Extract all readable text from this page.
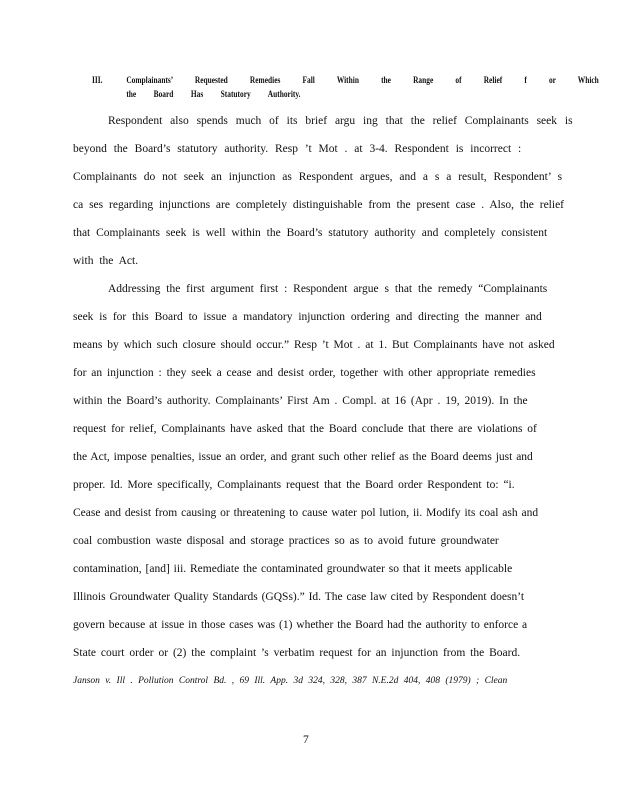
III.	Complainants’ Requested Remedies Fall Within the Range of Relief f or Which
the Board Has Statutory Authority.
Respondent also spends much of its brief argu ing that the relief Complainants seek is
beyond the Board’s statutory authority. Resp ’t Mot . at 3-4. Respondent is incorrect :
Complainants do not seek an injunction as Respondent argues, and a s a result, Respondent’ s
ca ses regarding injunctions are completely distinguishable from the present case . Also, the relief
that Complainants seek is well within the Board’s statutory authority and completely consistent
with the Act.
Addressing the first argument first : Respondent argue s that the remedy “Complainants
seek is for this Board to issue a mandatory injunction ordering and directing the manner and
means by which such closure should occur.” Resp ’t Mot . at 1. But Complainants have not asked
for an injunction : they seek a cease and desist order, together with other appropriate remedies
within the Board’s authority. Complainants’ First Am . Compl. at 16 (Apr . 19, 2019). In the
request for relief, Complainants have asked that the Board conclude that there are violations of
the Act, impose penalties, issue an order, and grant such other relief as the Board deems just and
proper. Id. More specifically, Complainants request that the Board order Respondent to: “i.
Cease and desist from causing or threatening to cause water pol lution, ii. Modify its coal ash and
coal combustion waste disposal and storage practices so as to avoid future groundwater
contamination, [and] iii. Remediate the contaminated groundwater so that it meets applicable
Illinois Groundwater Quality Standards (GQSs).” Id. The case law cited by Respondent doesn’t
govern because at issue in those cases was (1) whether the Board had the authority to enforce a
State court order or (2) the complaint ’s verbatim request for an injunction from the Board.
Janson v. Ill . Pollution Control Bd. , 69 Ill. App. 3d 324, 328, 387 N.E.2d 404, 408 (1979) ; Clean
7
